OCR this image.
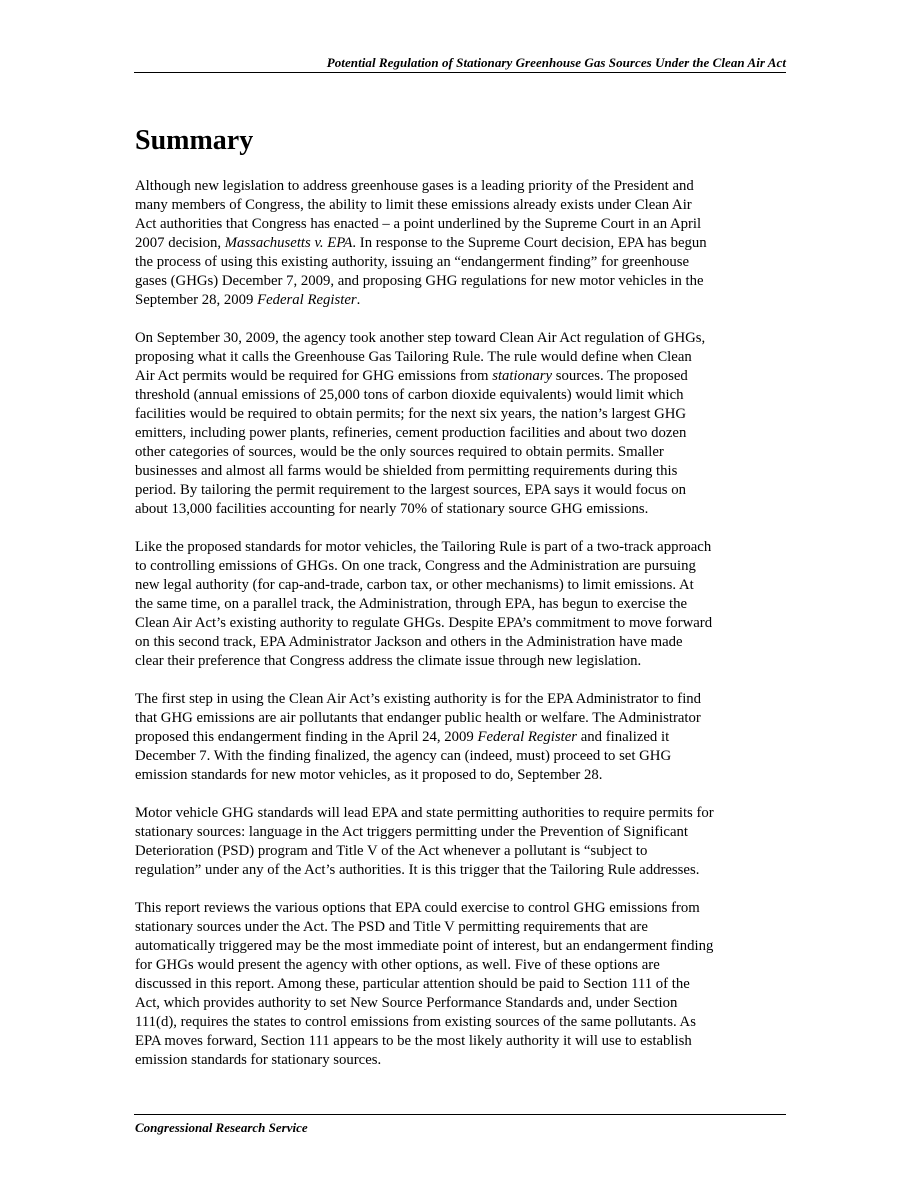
Potential Regulation of Stationary Greenhouse Gas Sources Under the Clean Air Act
Summary

Although new legislation to address greenhouse gases is a leading priority of the President and
many members of Congress, the ability to limit these emissions already exists under Clean Air
Act authorities that Congress has enacted – a point underlined by the Supreme Court in an April
2007 decision, Massachusetts v. EPA. In response to the Supreme Court decision, EPA has begun
the process of using this existing authority, issuing an “endangerment finding” for greenhouse
gases (GHGs) December 7, 2009, and proposing GHG regulations for new motor vehicles in the
September 28, 2009 Federal Register.

On September 30, 2009, the agency took another step toward Clean Air Act regulation of GHGs,
proposing what it calls the Greenhouse Gas Tailoring Rule. The rule would define when Clean
Air Act permits would be required for GHG emissions from stationary sources. The proposed
threshold (annual emissions of 25,000 tons of carbon dioxide equivalents) would limit which
facilities would be required to obtain permits; for the next six years, the nation’s largest GHG
emitters, including power plants, refineries, cement production facilities and about two dozen
other categories of sources, would be the only sources required to obtain permits. Smaller
businesses and almost all farms would be shielded from permitting requirements during this
period. By tailoring the permit requirement to the largest sources, EPA says it would focus on
about 13,000 facilities accounting for nearly 70% of stationary source GHG emissions.

Like the proposed standards for motor vehicles, the Tailoring Rule is part of a two-track approach
to controlling emissions of GHGs. On one track, Congress and the Administration are pursuing
new legal authority (for cap-and-trade, carbon tax, or other mechanisms) to limit emissions. At
the same time, on a parallel track, the Administration, through EPA, has begun to exercise the
Clean Air Act’s existing authority to regulate GHGs. Despite EPA’s commitment to move forward
on this second track, EPA Administrator Jackson and others in the Administration have made
clear their preference that Congress address the climate issue through new legislation.

The first step in using the Clean Air Act’s existing authority is for the EPA Administrator to find
that GHG emissions are air pollutants that endanger public health or welfare. The Administrator
proposed this endangerment finding in the April 24, 2009 Federal Register and finalized it
December 7. With the finding finalized, the agency can (indeed, must) proceed to set GHG
emission standards for new motor vehicles, as it proposed to do, September 28.

Motor vehicle GHG standards will lead EPA and state permitting authorities to require permits for
stationary sources: language in the Act triggers permitting under the Prevention of Significant
Deterioration (PSD) program and Title V of the Act whenever a pollutant is “subject to
regulation” under any of the Act’s authorities. It is this trigger that the Tailoring Rule addresses.

This report reviews the various options that EPA could exercise to control GHG emissions from
stationary sources under the Act. The PSD and Title V permitting requirements that are
automatically triggered may be the most immediate point of interest, but an endangerment finding
for GHGs would present the agency with other options, as well. Five of these options are
discussed in this report. Among these, particular attention should be paid to Section 111 of the
Act, which provides authority to set New Source Performance Standards and, under Section
111(d), requires the states to control emissions from existing sources of the same pollutants. As
EPA moves forward, Section 111 appears to be the most likely authority it will use to establish
emission standards for stationary sources.

Congressional Research Service
